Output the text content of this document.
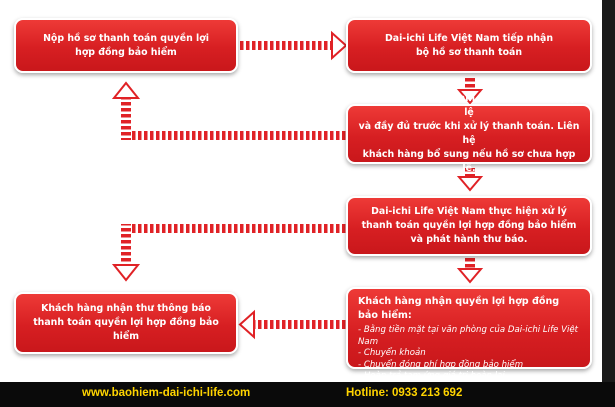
Nộp hồ sơ thanh toán quyền lợi
hợp đồng bảo hiểm
Dai-ichi Life Việt Nam tiếp nhận
bộ hồ sơ thanh toán
Dai-ichi Life Việt Nam kiểm tra hồ sơ hợp lệ
và đầy đủ trước khi xử lý thanh toán. Liên hệ
khách hàng bổ sung nếu hồ sơ chưa hợp lệ.
Dai-ichi Life Việt Nam thực hiện xử lý
thanh toán quyền lợi hợp đồng bảo hiểm
và phát hành thư báo.
Khách hàng nhận thư thông báo
thanh toán quyền lợi hợp đồng bảo hiểm
Khách hàng nhận quyền lợi hợp đồng bảo hiểm:
- Bằng tiền mặt tại văn phòng của Dai-ichi Life Việt Nam
- Chuyển khoản
- Chuyển đóng phí hợp đồng bảo hiểm
- Hoàn trả tạm ứng giá trị hoàn lại
www.baohiem-dai-ichi-life.com	Hotline: 0933 213 692
